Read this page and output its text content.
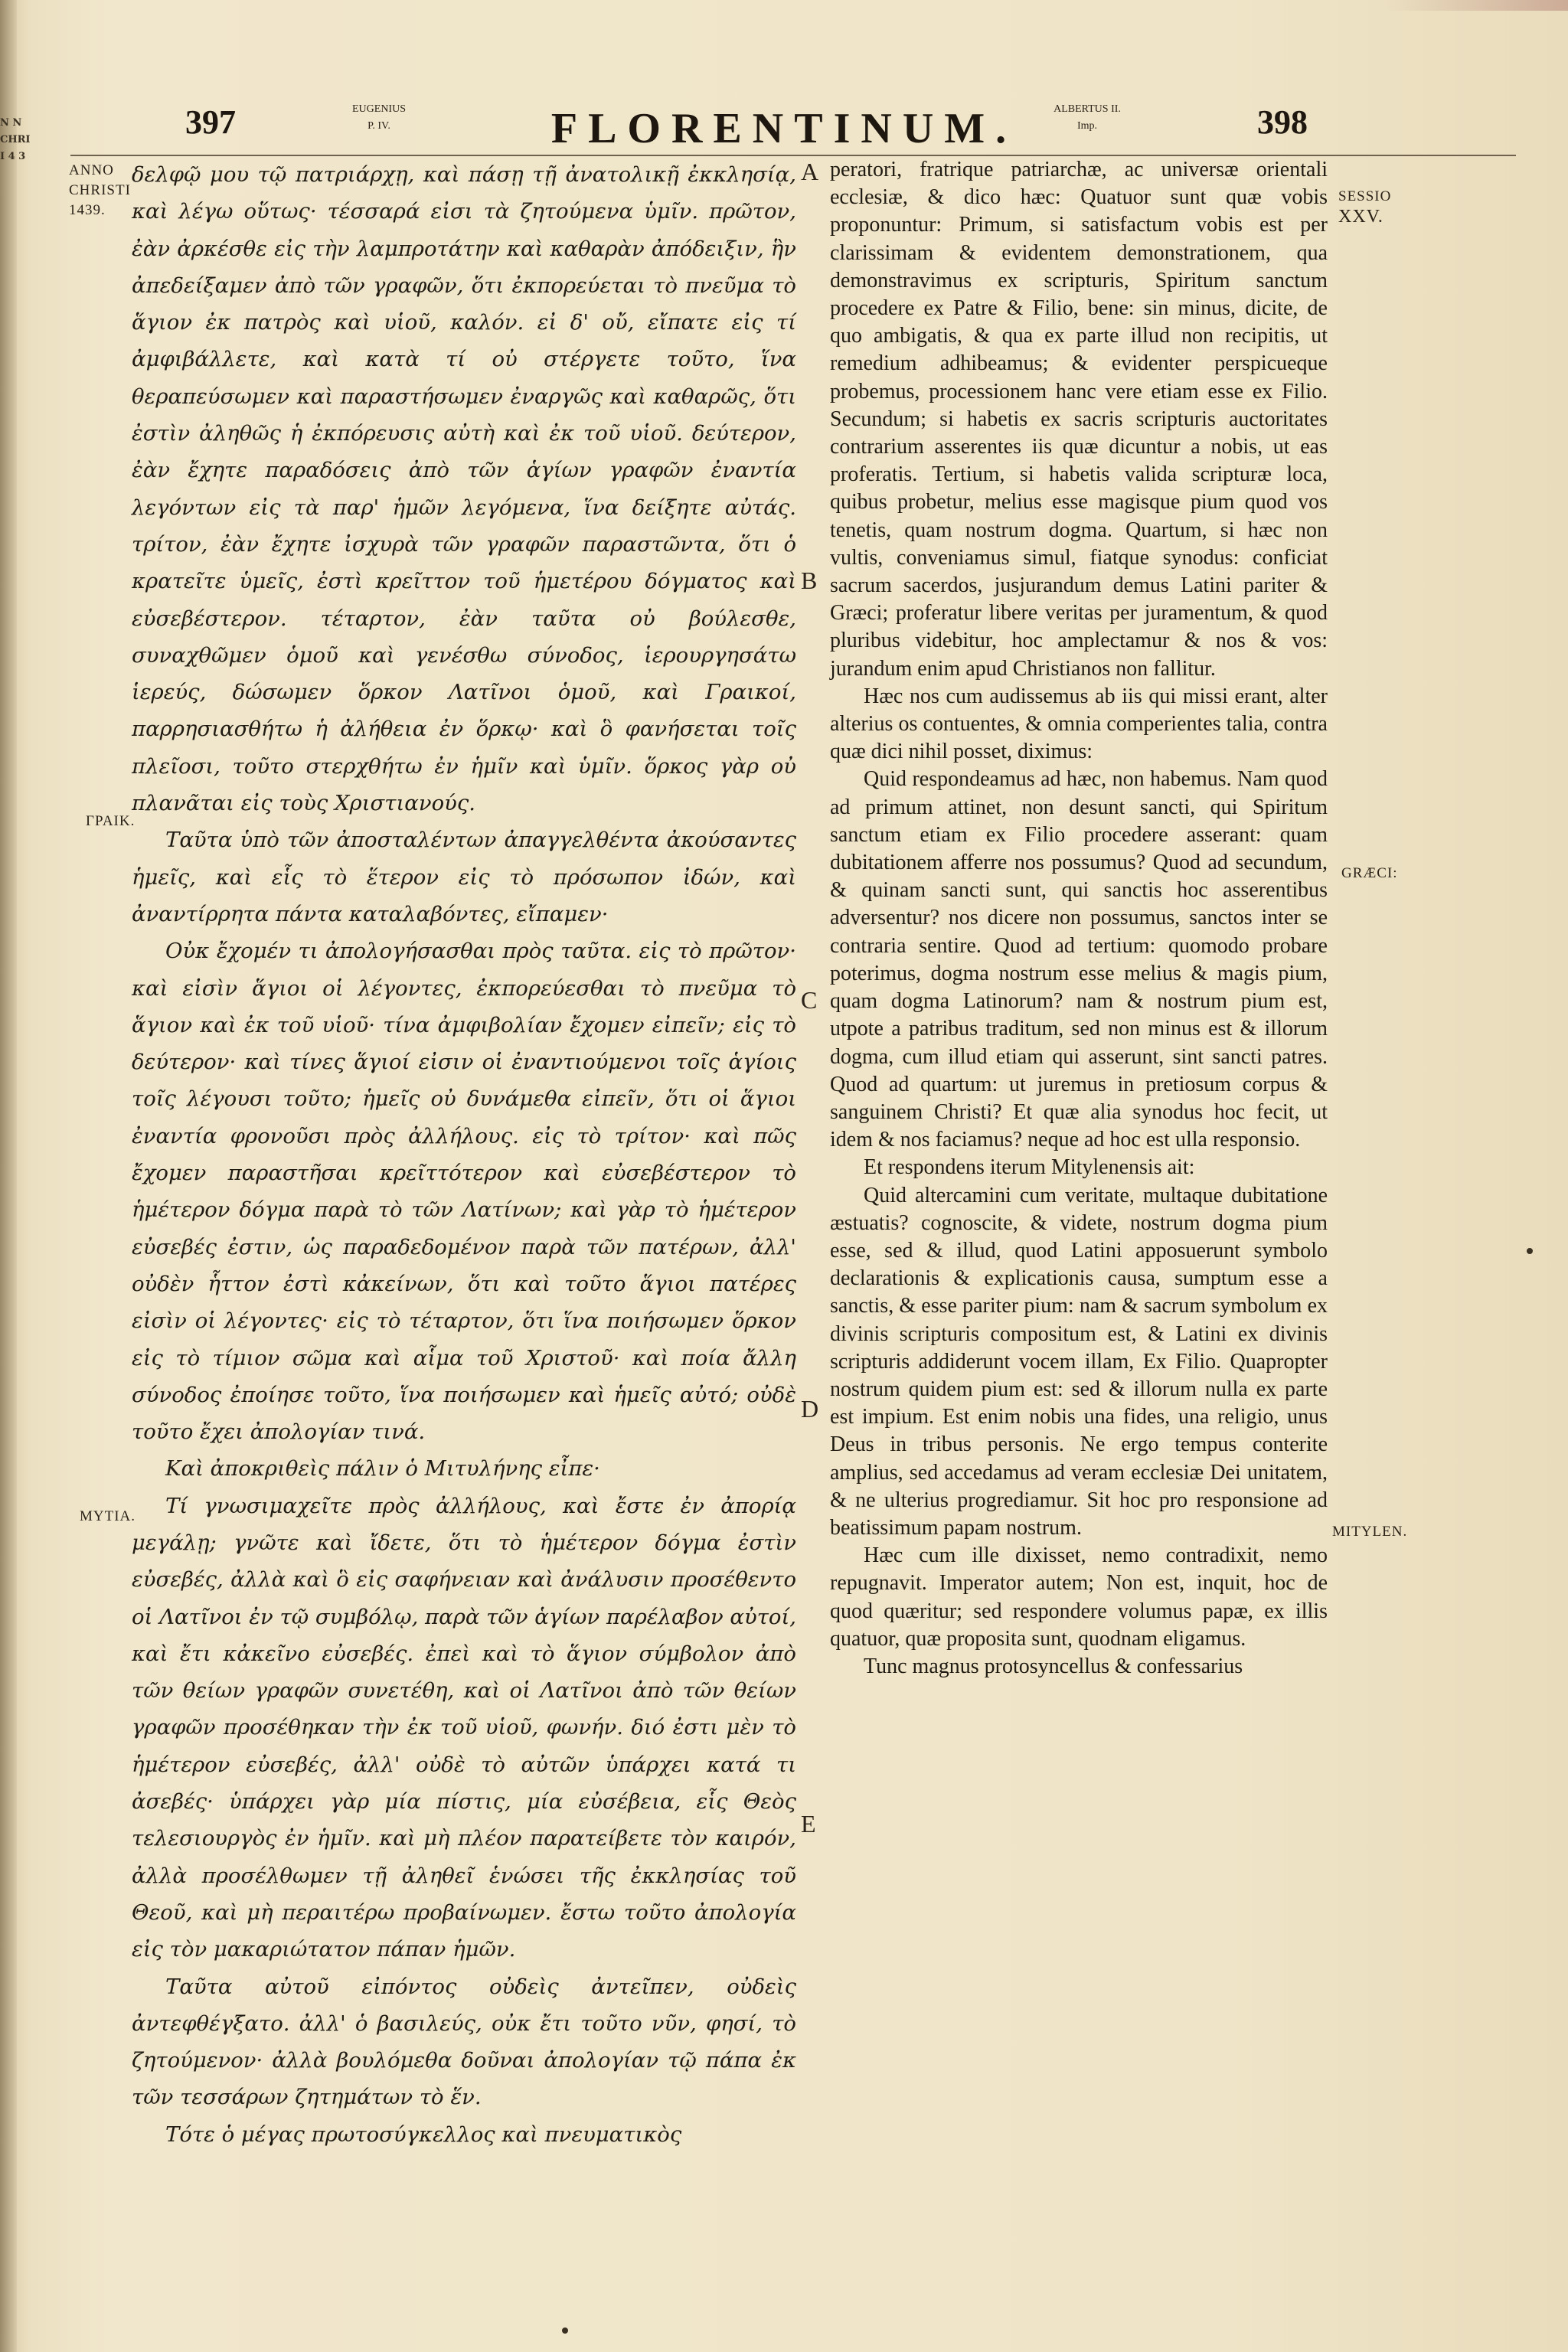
N N
CHRI
I 4 3
397	398
FLORENTINUM.
EUGENIUS
P. IV.
ALBERTUS II.
Imp.
ANNO
CHRISTI
1439.
ΓΡΑΙΚ.
ΜΥΤΙΑ.
A
B
C
D
E
SESSIO
XXV.
GRÆCI:
MITYLEN.

δελφῷ μου τῷ πατριάρχῃ, καὶ πάσῃ τῇ ἀνατολικῇ ἐκκλησίᾳ, καὶ λέγω οὕτως· τέσσαρά εἰσι τὰ ζητούμενα ὑμῖν. πρῶτον, ἐὰν ἀρκέσθε εἰς τὴν λαμπροτάτην καὶ καθαρὰν ἀπόδειξιν, ἣν ἀπεδείξαμεν ἀπὸ τῶν γραφῶν, ὅτι ἐκπορεύεται τὸ πνεῦμα τὸ ἅγιον ἐκ πατρὸς καὶ υἱοῦ, καλόν. εἰ δ' οὔ, εἴπατε εἰς τί ἀμφιβάλλετε, καὶ κατὰ τί οὐ στέργετε τοῦτο, ἵνα θεραπεύσωμεν καὶ παραστήσωμεν ἐναργῶς καὶ καθαρῶς, ὅτι ἐστὶν ἀληθῶς ἡ ἐκπόρευσις αὐτὴ καὶ ἐκ τοῦ υἱοῦ. δεύτερον, ἐὰν ἔχητε παραδόσεις ἀπὸ τῶν ἁγίων γραφῶν ἐναντία λεγόντων εἰς τὰ παρ' ἡμῶν λεγόμενα, ἵνα δείξητε αὐτάς. τρίτον, ἐὰν ἔχητε ἰσχυρὰ τῶν γραφῶν παραστῶντα, ὅτι ὁ κρατεῖτε ὑμεῖς, ἐστὶ κρεῖττον τοῦ ἡμετέρου δόγματος καὶ εὐσεβέστερον. τέταρτον, ἐὰν ταῦτα οὐ βούλεσθε, συναχθῶμεν ὁμοῦ καὶ γενέσθω σύνοδος, ἱερουργησάτω ἱερεύς, δώσωμεν ὅρκον Λατῖνοι ὁμοῦ, καὶ Γραικοί, παρρησιασθήτω ἡ ἀλήθεια ἐν ὅρκῳ· καὶ ὃ φανήσεται τοῖς πλεῖοσι, τοῦτο στερχθήτω ἐν ἡμῖν καὶ ὑμῖν. ὅρκος γὰρ οὐ πλανᾶται εἰς τοὺς Χριστιανούς.

Ταῦτα ὑπὸ τῶν ἀποσταλέντων ἀπαγγελθέντα ἀκούσαντες ἡμεῖς, καὶ εἷς τὸ ἕτερον εἰς τὸ πρόσωπον ἰδών, καὶ ἀναντίρρητα πάντα καταλαβόντες, εἴπαμεν·

Οὐκ ἔχομέν τι ἀπολογήσασθαι πρὸς ταῦτα. εἰς τὸ πρῶτον· καὶ εἰσὶν ἅγιοι οἱ λέγοντες, ἐκπορεύεσθαι τὸ πνεῦμα τὸ ἅγιον καὶ ἐκ τοῦ υἱοῦ· τίνα ἀμφιβολίαν ἔχομεν εἰπεῖν; εἰς τὸ δεύτερον· καὶ τίνες ἅγιοί εἰσιν οἱ ἐναντιούμενοι τοῖς ἁγίοις τοῖς λέγουσι τοῦτο; ἡμεῖς οὐ δυνάμεθα εἰπεῖν, ὅτι οἱ ἅγιοι ἐναντία φρονοῦσι πρὸς ἀλλήλους. εἰς τὸ τρίτον· καὶ πῶς ἔχομεν παραστῆσαι κρεῖττότερον καὶ εὐσεβέστερον τὸ ἡμέτερον δόγμα παρὰ τὸ τῶν Λατίνων; καὶ γὰρ τὸ ἡμέτερον εὐσεβές ἐστιν, ὡς παραδεδομένον παρὰ τῶν πατέρων, ἀλλ' οὐδὲν ἧττον ἐστὶ κἀκείνων, ὅτι καὶ τοῦτο ἅγιοι πατέρες εἰσὶν οἱ λέγοντες· εἰς τὸ τέταρτον, ὅτι ἵνα ποιήσωμεν ὅρκον εἰς τὸ τίμιον σῶμα καὶ αἷμα τοῦ Χριστοῦ· καὶ ποία ἄλλη σύνοδος ἐποίησε τοῦτο, ἵνα ποιήσωμεν καὶ ἡμεῖς αὐτό; οὐδὲ τοῦτο ἔχει ἀπολογίαν τινά.

Καὶ ἀποκριθεὶς πάλιν ὁ Μιτυλήνης εἶπε·

Τί γνωσιμαχεῖτε πρὸς ἀλλήλους, καὶ ἔστε ἐν ἀπορίᾳ μεγάλῃ; γνῶτε καὶ ἴδετε, ὅτι τὸ ἡμέτερον δόγμα ἐστὶν εὐσεβές, ἀλλὰ καὶ ὃ εἰς σαφήνειαν καὶ ἀνάλυσιν προσέθεντο οἱ Λατῖνοι ἐν τῷ συμβόλῳ, παρὰ τῶν ἁγίων παρέλαβον αὐτοί, καὶ ἔτι κἀκεῖνο εὐσεβές. ἐπεὶ καὶ τὸ ἅγιον σύμβολον ἀπὸ τῶν θείων γραφῶν συνετέθη, καὶ οἱ Λατῖνοι ἀπὸ τῶν θείων γραφῶν προσέθηκαν τὴν ἐκ τοῦ υἱοῦ, φωνήν. διό ἐστι μὲν τὸ ἡμέτερον εὐσεβές, ἀλλ' οὐδὲ τὸ αὐτῶν ὑπάρχει κατά τι ἀσεβές· ὑπάρχει γὰρ μία πίστις, μία εὐσέβεια, εἷς Θεὸς τελεσιουργὸς ἐν ἡμῖν. καὶ μὴ πλέον παρατείβετε τὸν καιρόν, ἀλλὰ προσέλθωμεν τῇ ἀληθεῖ ἑνώσει τῆς ἐκκλησίας τοῦ Θεοῦ, καὶ μὴ περαιτέρω προβαίνωμεν. ἔστω τοῦτο ἀπολογία εἰς τὸν μακαριώτατον πάπαν ἡμῶν.

Ταῦτα αὐτοῦ εἰπόντος οὐδεὶς ἀντεῖπεν, οὐδεὶς ἀντεφθέγξατο. ἀλλ' ὁ βασιλεύς, οὐκ ἔτι τοῦτο νῦν, φησί, τὸ ζητούμενον· ἀλλὰ βουλόμεθα δοῦναι ἀπολογίαν τῷ πάπα ἐκ τῶν τεσσάρων ζητημάτων τὸ ἕν.

Τότε ὁ μέγας πρωτοσύγκελλος καὶ πνευματικὸς

peratori, fratrique patriarchæ, ac universæ orientali ecclesiæ, & dico hæc: Quatuor sunt quæ vobis proponuntur: Primum, si satisfactum vobis est per clarissimam & evidentem demonstrationem, qua demonstravimus ex scripturis, Spiritum sanctum procedere ex Patre & Filio, bene: sin minus, dicite, de quo ambigatis, & qua ex parte illud non recipitis, ut remedium adhibeamus; & evidenter perspicueque probemus, processionem hanc vere etiam esse ex Filio. Secundum; si habetis ex sacris scripturis auctoritates contrarium asserentes iis quæ dicuntur a nobis, ut eas proferatis. Tertium, si habetis valida scripturæ loca, quibus probetur, melius esse magisque pium quod vos tenetis, quam nostrum dogma. Quartum, si hæc non vultis, conveniamus simul, fiatque synodus: conficiat sacrum sacerdos, jusjurandum demus Latini pariter & Græci; proferatur libere veritas per juramentum, & quod pluribus videbitur, hoc amplectamur & nos & vos: jurandum enim apud Christianos non fallitur.

Hæc nos cum audissemus ab iis qui missi erant, alter alterius os contuentes, & omnia comperientes talia, contra quæ dici nihil posset, diximus:

Quid respondeamus ad hæc, non habemus. Nam quod ad primum attinet, non desunt sancti, qui Spiritum sanctum etiam ex Filio procedere asserant: quam dubitationem afferre nos possumus? Quod ad secundum, & quinam sancti sunt, qui sanctis hoc asserentibus adversentur? nos dicere non possumus, sanctos inter se contraria sentire. Quod ad tertium: quomodo probare poterimus, dogma nostrum esse melius & magis pium, quam dogma Latinorum? nam & nostrum pium est, utpote a patribus traditum, sed non minus est & illorum dogma, cum illud etiam qui asserunt, sint sancti patres. Quod ad quartum: ut juremus in pretiosum corpus & sanguinem Christi? Et quæ alia synodus hoc fecit, ut idem & nos faciamus? neque ad hoc est ulla responsio.

Et respondens iterum Mitylenensis ait:

Quid altercamini cum veritate, multaque dubitatione æstuatis? cognoscite, & videte, nostrum dogma pium esse, sed & illud, quod Latini apposuerunt symbolo declarationis & explicationis causa, sumptum esse a sanctis, & esse pariter pium: nam & sacrum symbolum ex divinis scripturis compositum est, & Latini ex divinis scripturis addiderunt vocem illam, Ex Filio. Quapropter nostrum quidem pium est: sed & illorum nulla ex parte est impium. Est enim nobis una fides, una religio, unus Deus in tribus personis. Ne ergo tempus conterite amplius, sed accedamus ad veram ecclesiæ Dei unitatem, & ne ulterius progrediamur. Sit hoc pro responsione ad beatissimum papam nostrum.

Hæc cum ille dixisset, nemo contradixit, nemo repugnavit. Imperator autem; Non est, inquit, hoc de quod quæritur; sed respondere volumus papæ, ex illis quatuor, quæ proposita sunt, quodnam eligamus.

Tunc magnus protosyncellus & confessarius
